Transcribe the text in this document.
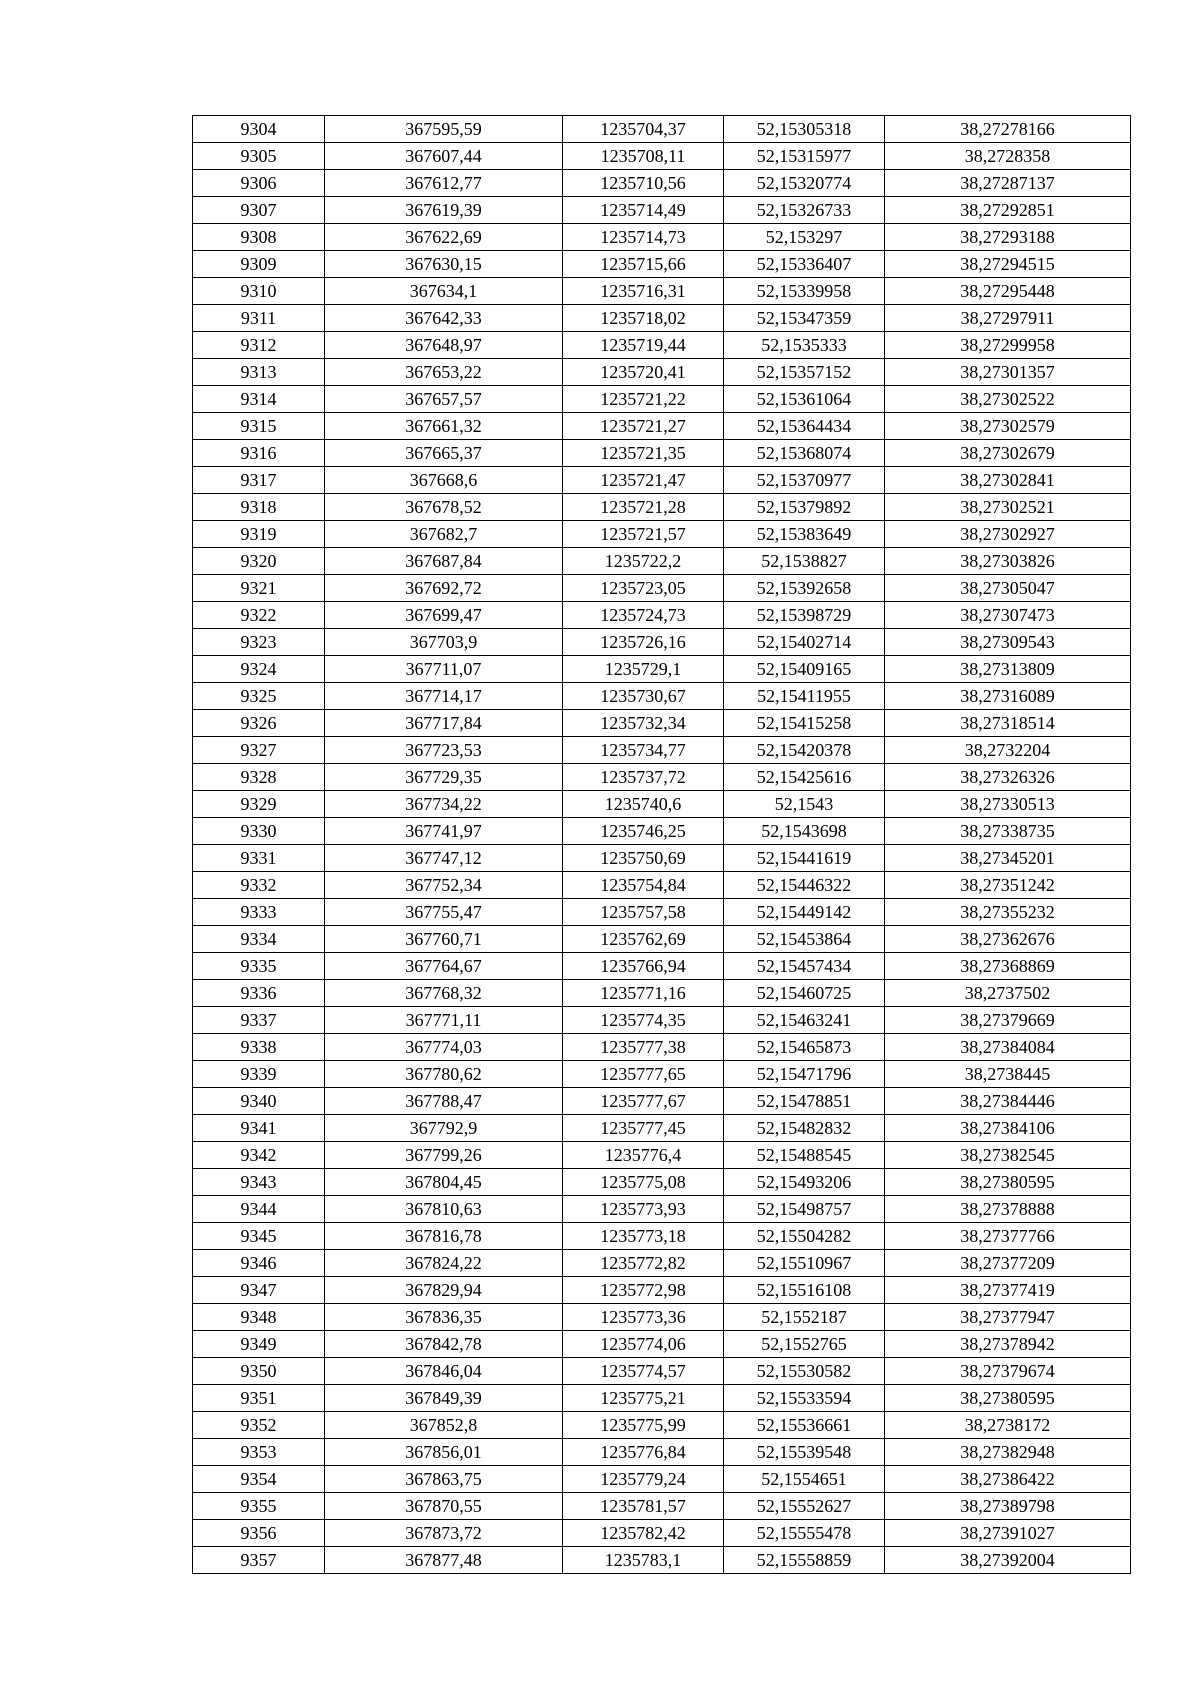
9304	367595,59	1235704,37	52,15305318	38,27278166
9305	367607,44	1235708,11	52,15315977	38,2728358
9306	367612,77	1235710,56	52,15320774	38,27287137
9307	367619,39	1235714,49	52,15326733	38,27292851
9308	367622,69	1235714,73	52,153297	38,27293188
9309	367630,15	1235715,66	52,15336407	38,27294515
9310	367634,1	1235716,31	52,15339958	38,27295448
9311	367642,33	1235718,02	52,15347359	38,27297911
9312	367648,97	1235719,44	52,1535333	38,27299958
9313	367653,22	1235720,41	52,15357152	38,27301357
9314	367657,57	1235721,22	52,15361064	38,27302522
9315	367661,32	1235721,27	52,15364434	38,27302579
9316	367665,37	1235721,35	52,15368074	38,27302679
9317	367668,6	1235721,47	52,15370977	38,27302841
9318	367678,52	1235721,28	52,15379892	38,27302521
9319	367682,7	1235721,57	52,15383649	38,27302927
9320	367687,84	1235722,2	52,1538827	38,27303826
9321	367692,72	1235723,05	52,15392658	38,27305047
9322	367699,47	1235724,73	52,15398729	38,27307473
9323	367703,9	1235726,16	52,15402714	38,27309543
9324	367711,07	1235729,1	52,15409165	38,27313809
9325	367714,17	1235730,67	52,15411955	38,27316089
9326	367717,84	1235732,34	52,15415258	38,27318514
9327	367723,53	1235734,77	52,15420378	38,2732204
9328	367729,35	1235737,72	52,15425616	38,27326326
9329	367734,22	1235740,6	52,1543	38,27330513
9330	367741,97	1235746,25	52,1543698	38,27338735
9331	367747,12	1235750,69	52,15441619	38,27345201
9332	367752,34	1235754,84	52,15446322	38,27351242
9333	367755,47	1235757,58	52,15449142	38,27355232
9334	367760,71	1235762,69	52,15453864	38,27362676
9335	367764,67	1235766,94	52,15457434	38,27368869
9336	367768,32	1235771,16	52,15460725	38,2737502
9337	367771,11	1235774,35	52,15463241	38,27379669
9338	367774,03	1235777,38	52,15465873	38,27384084
9339	367780,62	1235777,65	52,15471796	38,2738445
9340	367788,47	1235777,67	52,15478851	38,27384446
9341	367792,9	1235777,45	52,15482832	38,27384106
9342	367799,26	1235776,4	52,15488545	38,27382545
9343	367804,45	1235775,08	52,15493206	38,27380595
9344	367810,63	1235773,93	52,15498757	38,27378888
9345	367816,78	1235773,18	52,15504282	38,27377766
9346	367824,22	1235772,82	52,15510967	38,27377209
9347	367829,94	1235772,98	52,15516108	38,27377419
9348	367836,35	1235773,36	52,1552187	38,27377947
9349	367842,78	1235774,06	52,1552765	38,27378942
9350	367846,04	1235774,57	52,15530582	38,27379674
9351	367849,39	1235775,21	52,15533594	38,27380595
9352	367852,8	1235775,99	52,15536661	38,2738172
9353	367856,01	1235776,84	52,15539548	38,27382948
9354	367863,75	1235779,24	52,1554651	38,27386422
9355	367870,55	1235781,57	52,15552627	38,27389798
9356	367873,72	1235782,42	52,15555478	38,27391027
9357	367877,48	1235783,1	52,15558859	38,27392004
